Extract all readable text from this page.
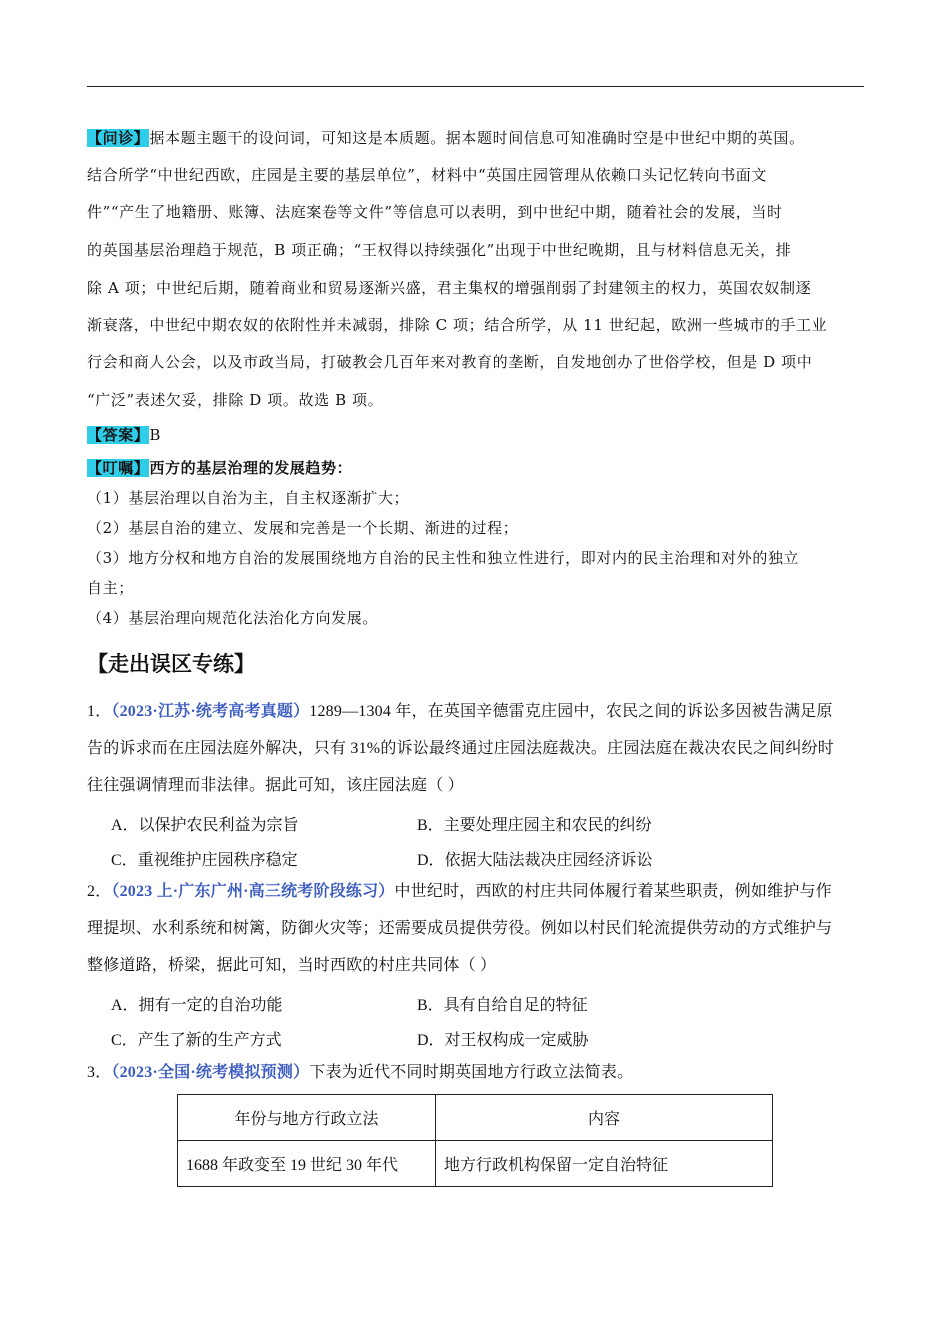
【问诊】据本题主题干的设问词，可知这是本质题。据本题时间信息可知准确时空是中世纪中期的英国。
结合所学“中世纪西欧，庄园是主要的基层单位”，材料中“英国庄园管理从依赖口头记忆转向书面文
件”“产生了地籍册、账簿、法庭案卷等文件”等信息可以表明，到中世纪中期，随着社会的发展，当时
的英国基层治理趋于规范，B 项正确；“王权得以持续强化”出现于中世纪晚期，且与材料信息无关，排
除 A 项；中世纪后期，随着商业和贸易逐渐兴盛，君主集权的增强削弱了封建领主的权力，英国农奴制逐
渐衰落，中世纪中期农奴的依附性并未减弱，排除 C 项；结合所学，从 11 世纪起，欧洲一些城市的手工业
行会和商人公会，以及市政当局，打破教会几百年来对教育的垄断，自发地创办了世俗学校，但是 D 项中
“广泛”表述欠妥，排除 D 项。故选 B 项。
【答案】B
【叮嘱】西方的基层治理的发展趋势：
（1）基层治理以自治为主，自主权逐渐扩大；
（2）基层自治的建立、发展和完善是一个长期、渐进的过程；
（3）地方分权和地方自治的发展围绕地方自治的民主性和独立性进行，即对内的民主治理和对外的独立
自主；
（4）基层治理向规范化法治化方向发展。
【走出误区专练】
1．（2023·江苏·统考高考真题）1289—1304 年，在英国辛德雷克庄园中，农民之间的诉讼多因被告满足原
告的诉求而在庄园法庭外解决，只有 31%的诉讼最终通过庄园法庭裁决。庄园法庭在裁决农民之间纠纷时
往往强调情理而非法律。据此可知，该庄园法庭（ ）
A．以保护农民利益为宗旨	B．主要处理庄园主和农民的纠纷
C．重视维护庄园秩序稳定	D．依据大陆法裁决庄园经济诉讼
2．（2023 上·广东广州·高三统考阶段练习）中世纪时，西欧的村庄共同体履行着某些职责，例如维护与作
理提坝、水利系统和树篱，防御火灾等；还需要成员提供劳役。例如以村民们轮流提供劳动的方式维护与
整修道路，桥梁，据此可知，当时西欧的村庄共同体（ ）
A．拥有一定的自治功能	B．具有自给自足的特征
C．产生了新的生产方式	D．对王权构成一定威胁
3．（2023·全国·统考模拟预测）下表为近代不同时期英国地方行政立法简表。
年份与地方行政立法	内容
1688 年政变至 19 世纪 30 年代	地方行政机构保留一定自治特征
